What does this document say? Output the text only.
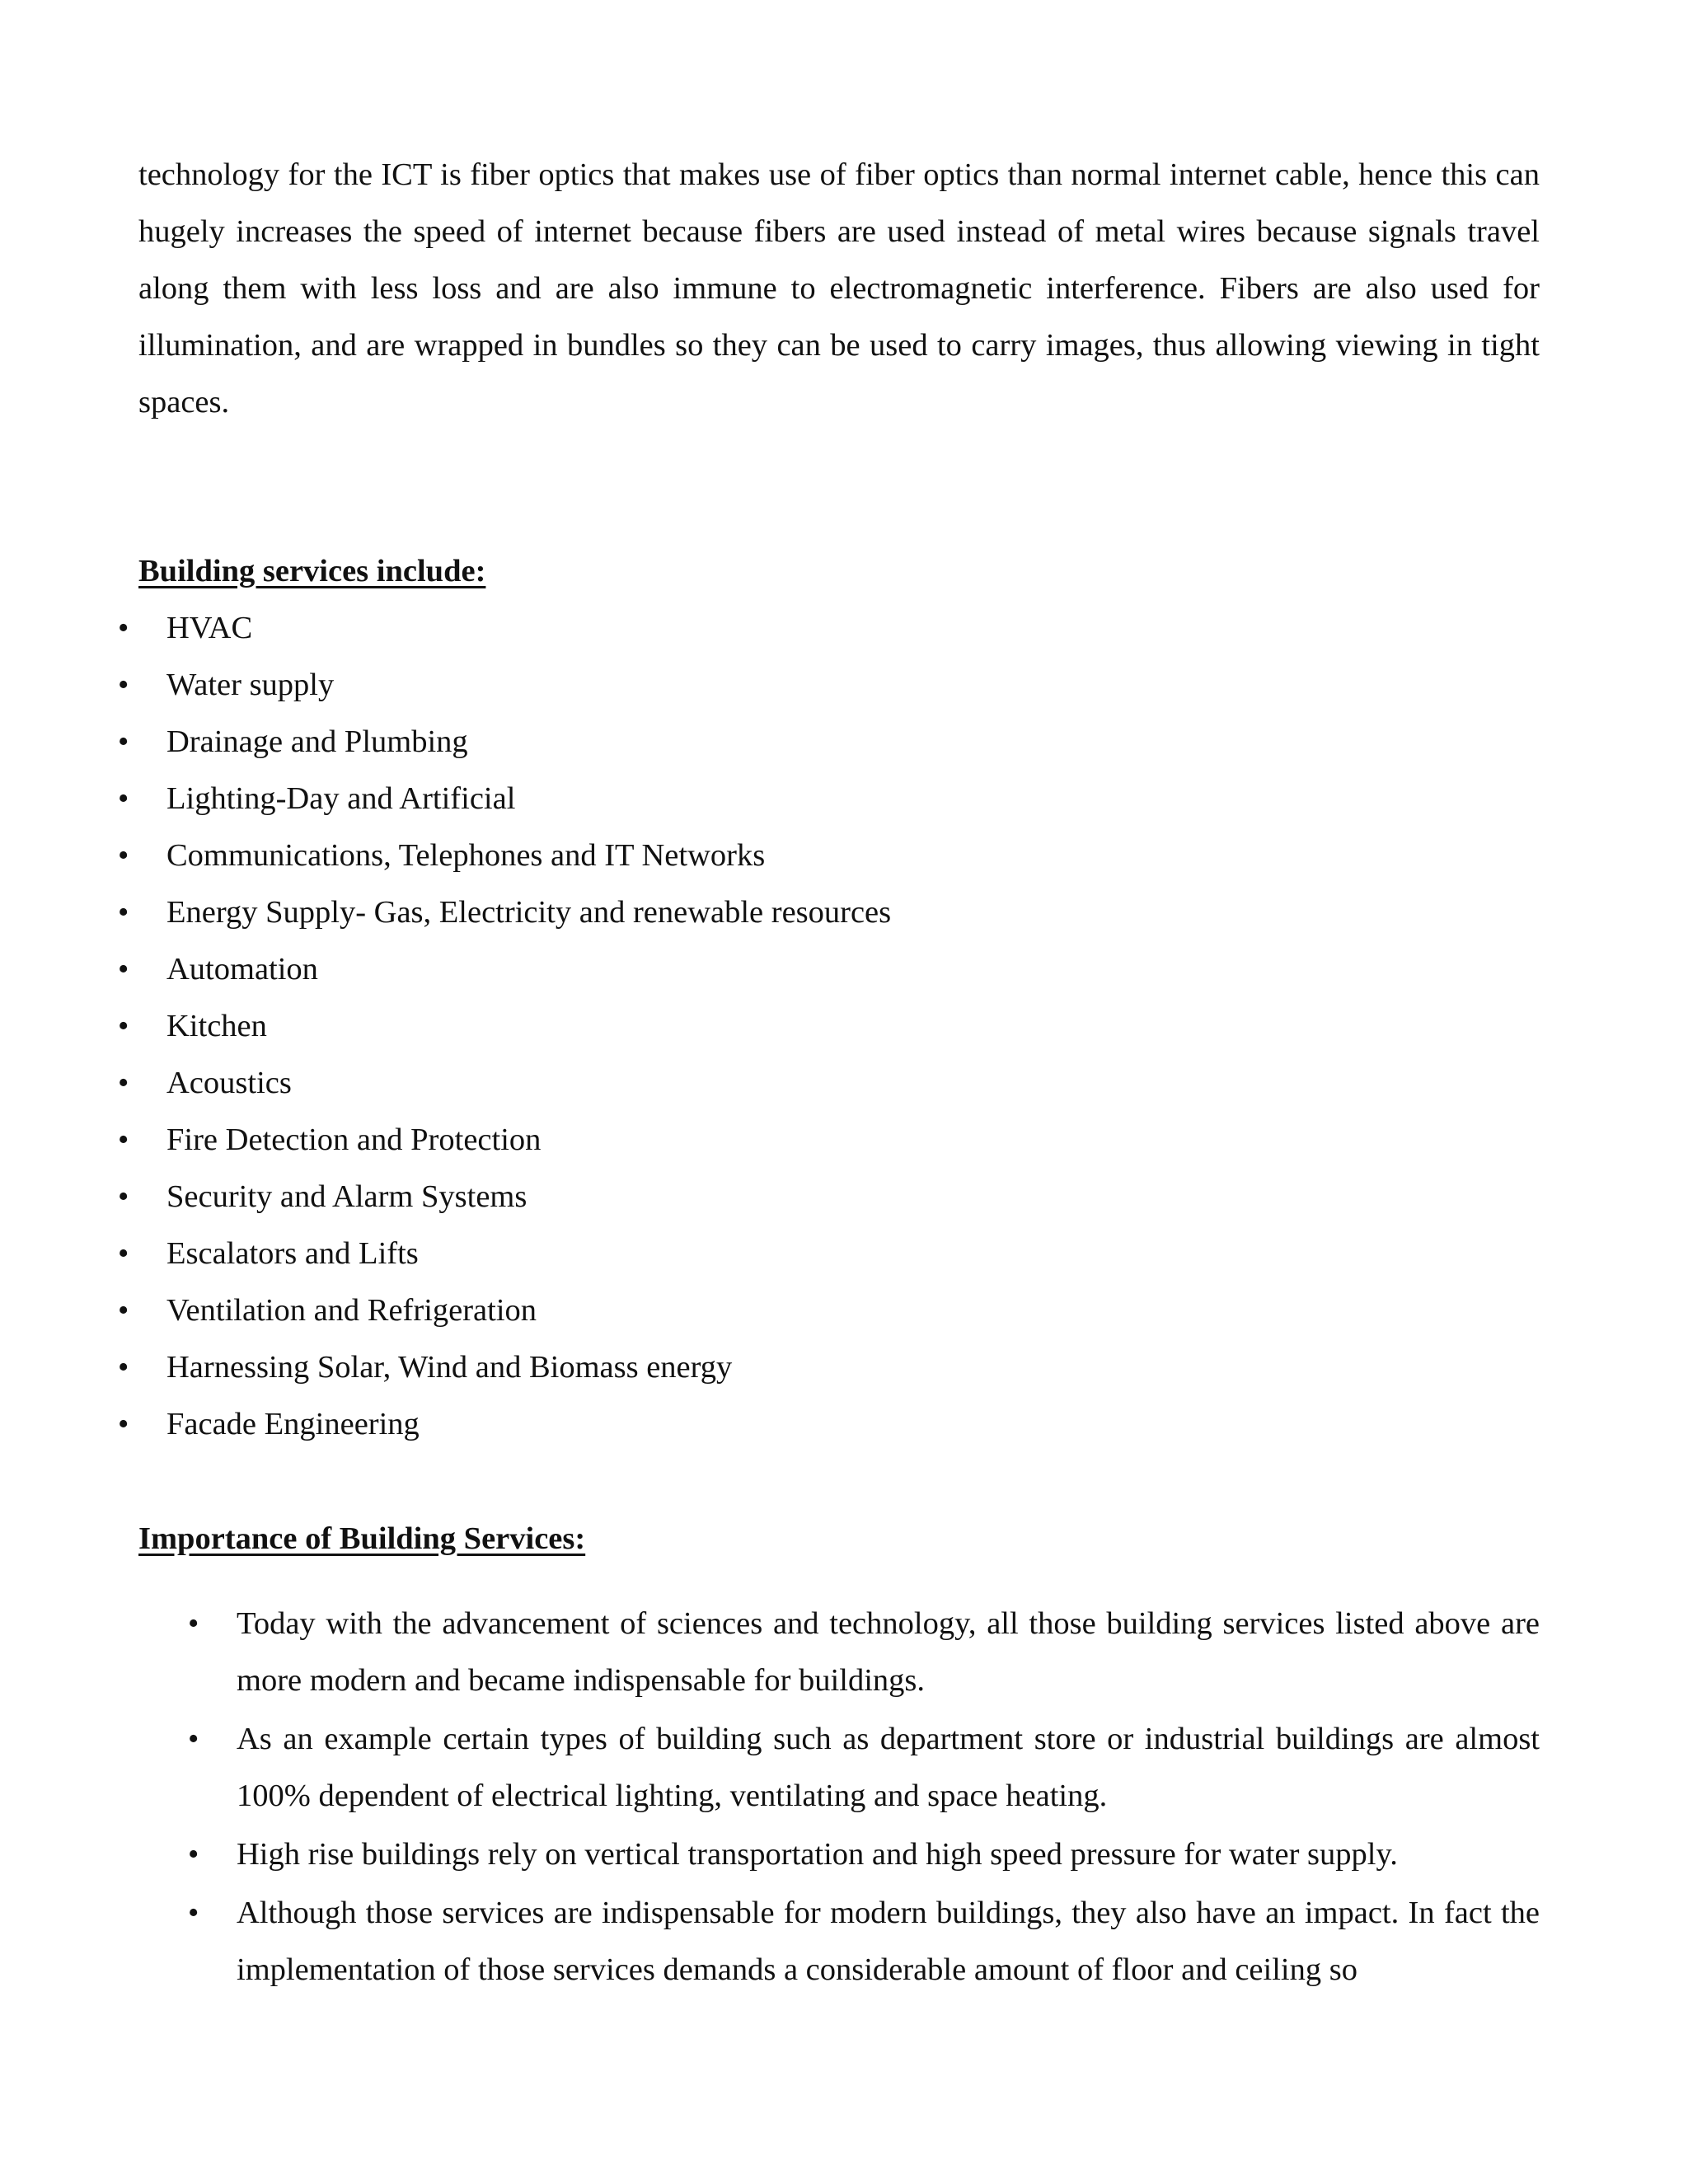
technology for the ICT is fiber optics that makes use of fiber optics than normal internet cable, hence this can hugely increases the speed of internet because fibers are used instead of metal wires because signals travel along them with less loss and are also immune to electromagnetic interference. Fibers are also used for illumination, and are wrapped in bundles so they can be used to carry images, thus allowing viewing in tight spaces.

Building services include:
• HVAC
• Water supply
• Drainage and Plumbing
• Lighting-Day and Artificial
• Communications, Telephones and IT Networks
• Energy Supply- Gas, Electricity and renewable resources
• Automation
• Kitchen
• Acoustics
• Fire Detection and Protection
• Security and Alarm Systems
• Escalators and Lifts
• Ventilation and Refrigeration
• Harnessing Solar, Wind and Biomass energy
• Facade Engineering
Importance of Building Services:
• Today with the advancement of sciences and technology, all those building services listed above are more modern and became indispensable for buildings.
• As an example certain types of building such as department store or industrial buildings are almost 100% dependent of electrical lighting, ventilating and space heating.
• High rise buildings rely on vertical transportation and high speed pressure for water supply.
• Although those services are indispensable for modern buildings, they also have an impact. In fact the implementation of those services demands a considerable amount of floor and ceiling so
